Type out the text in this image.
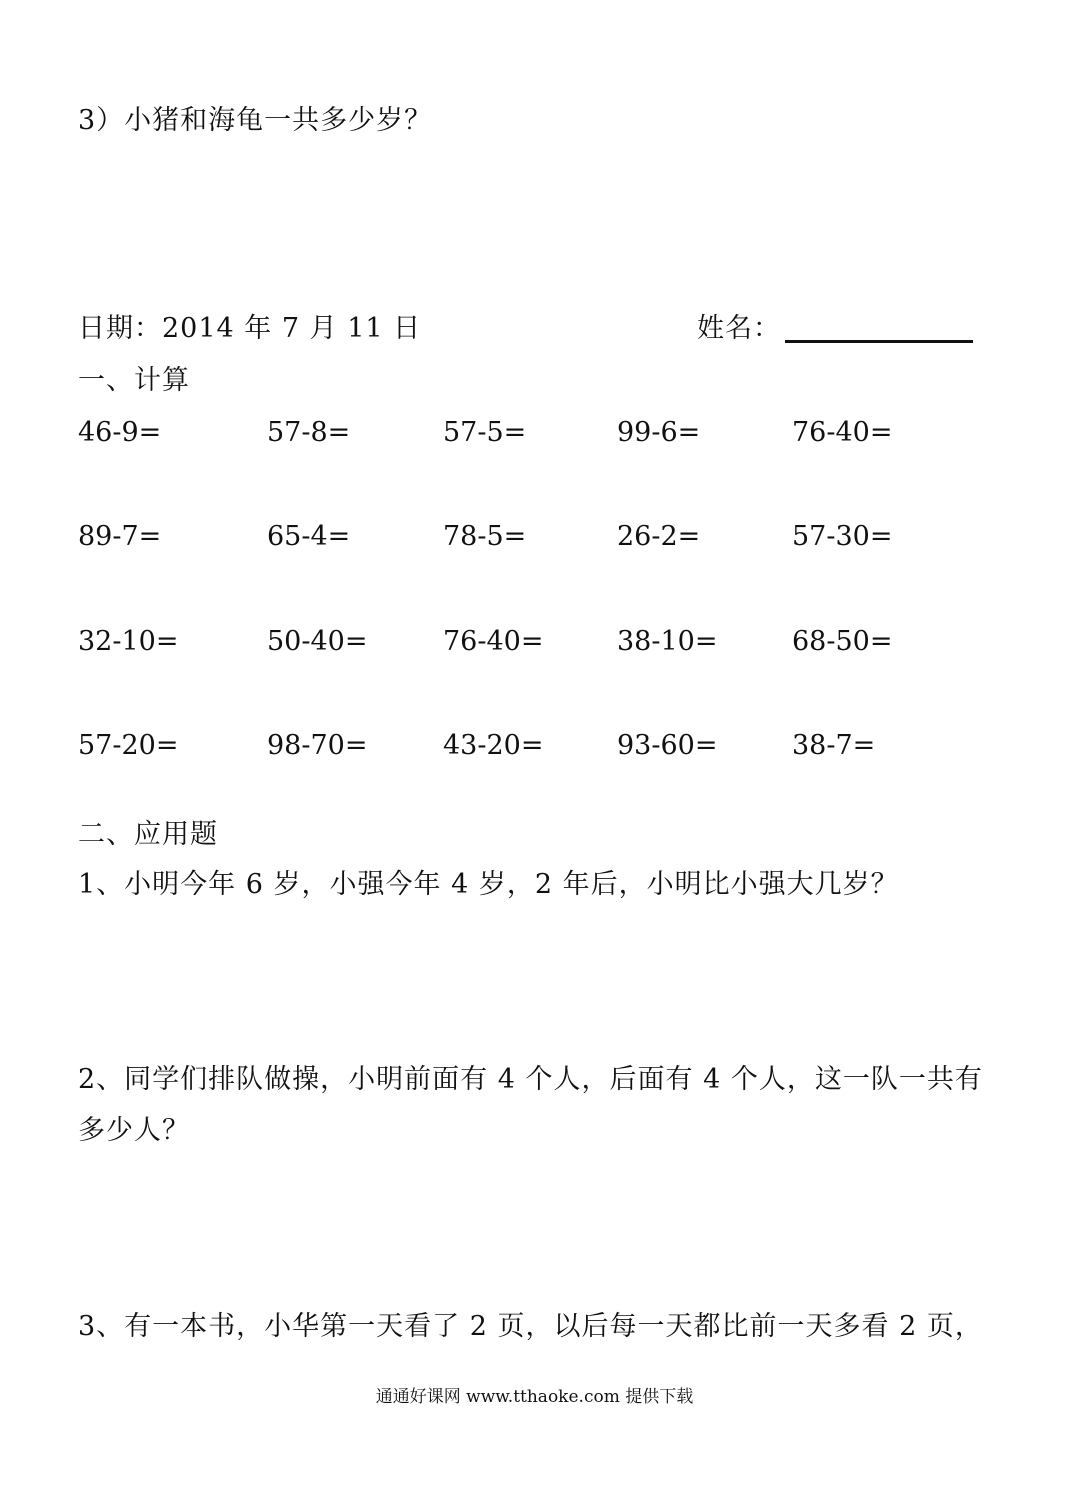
3）小猪和海龟一共多少岁？
日期：2014 年 7 月 11 日	姓名：
一、计算
46-9=	57-8=	57-5=	99-6=	76-40=
89-7=	65-4=	78-5=	26-2=	57-30=
32-10=	50-40=	76-40=	38-10=	68-50=
57-20=	98-70=	43-20=	93-60=	38-7=
二、应用题
1、小明今年 6 岁，小强今年 4 岁，2 年后，小明比小强大几岁？
2、同学们排队做操，小明前面有 4 个人，后面有 4 个人，这一队一共有
多少人？
3、有一本书，小华第一天看了 2 页，以后每一天都比前一天多看 2 页，
通通好课网 www.tthaoke.com 提供下载
